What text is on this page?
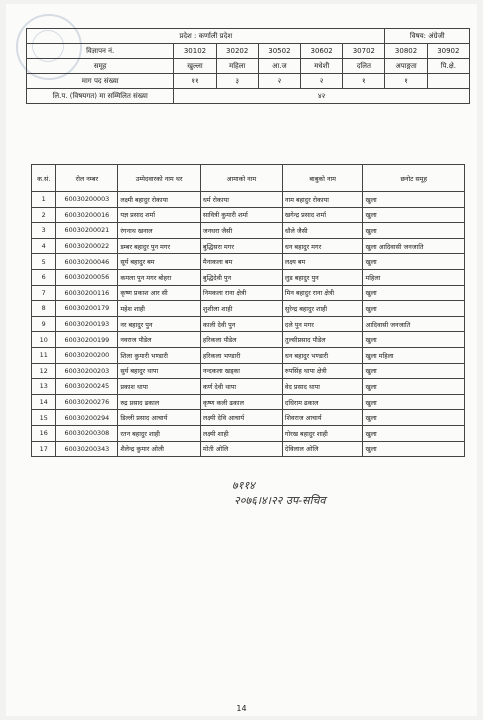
प्रदेश : कर्णाली प्रदेश						विषय: अंग्रेजी	
विज्ञापन नं.	30102	30202	30502	30602	30702	30802	30902
समूह	खुल्ला	महिला	आ.ज	मधेशी	दलित	अपाङ्गता	पि.क्षे.
माग पद संख्या	११	३	२	२	१	१	
लि.प. (विषयगत) मा सम्मिलित संख्या	४२						
क.सं.	रोल नम्बर	उम्मेदवारको नाम थर	आमाको नाम	बाबुको नाम	छनोट समूह
1	60030200003	लक्ष्मी बहादुर रोकाया	धर्म रोकाया	नाम बहादुर रोकाया	खुला
2	60030200016	यज्ञ प्रसाद शर्मा	सावित्री कुमारी शर्मा	खगेन्द्र प्रसाद शर्मा	खुला
3	60030200021	रंगनाथ खनाल	जनधरा जैसी	धौले जैसी	खुला
4	60030200022	डम्बर बहादुर पुन मगर	बुद्धिसरा मगर	धन बहादुर मगर	खुला आदिवासी जनजाति
5	60030200046	सूर्य बहादुर बम	मैनाकला बम	लक्ष्य बम	खुला
6	60030200056	कमला पुन मगर बोहरा	बुद्धिदेवी पुन	लुड बहादुर पुन	महिला
7	60030200116	कृष्ण प्रकाश आर सी	निमकला राना क्षेत्री	मिन बहादुर राना क्षेत्री	खुला
8	60030200179	महेश शाही	शुशीला शाही	सुरेन्द्र बहादुर शाही	खुला
9	60030200193	नर बहादुर पुन	काली देवी पुन	दले पुन मगर	आदिवासी जनजाति
10	60030200199	नवराज पौडेल	हरिकला पौडेल	तुल्सीप्रसाद पौडेल	खुला
11	60030200200	शिला कुमारी भण्डारी	हरिकला भण्डारी	धन बहादुर भण्डारी	खुला महिला
12	60030200203	सुर्य बहादुर थापा	नन्दकला खड्का	रुपसिंह थापा क्षेत्री	खुला
13	60030200245	प्रकाश थापा	कर्ण देवी थापा	वेद प्रसाद थापा	खुला
14	60030200276	रुद्र प्रसाद ढकाल	कृष्ण कली ढकाल	दधिराम ढकाल	खुला
15	60030200294	डिल्ली प्रसाद आचार्य	लक्ष्मी देवि आचार्य	शिवराज आचार्य	खुला
16	60030200308	रतन बहादुर शाही	लक्ष्मी शाही	गोरख बहादुर शाही	खुला
17	60030200343	शैलेन्द्र कुमार ओली	मोती ओलि	देविलाल ओलि	खुला
७११४
२०७६।४।२२ उप-सचिव
14
